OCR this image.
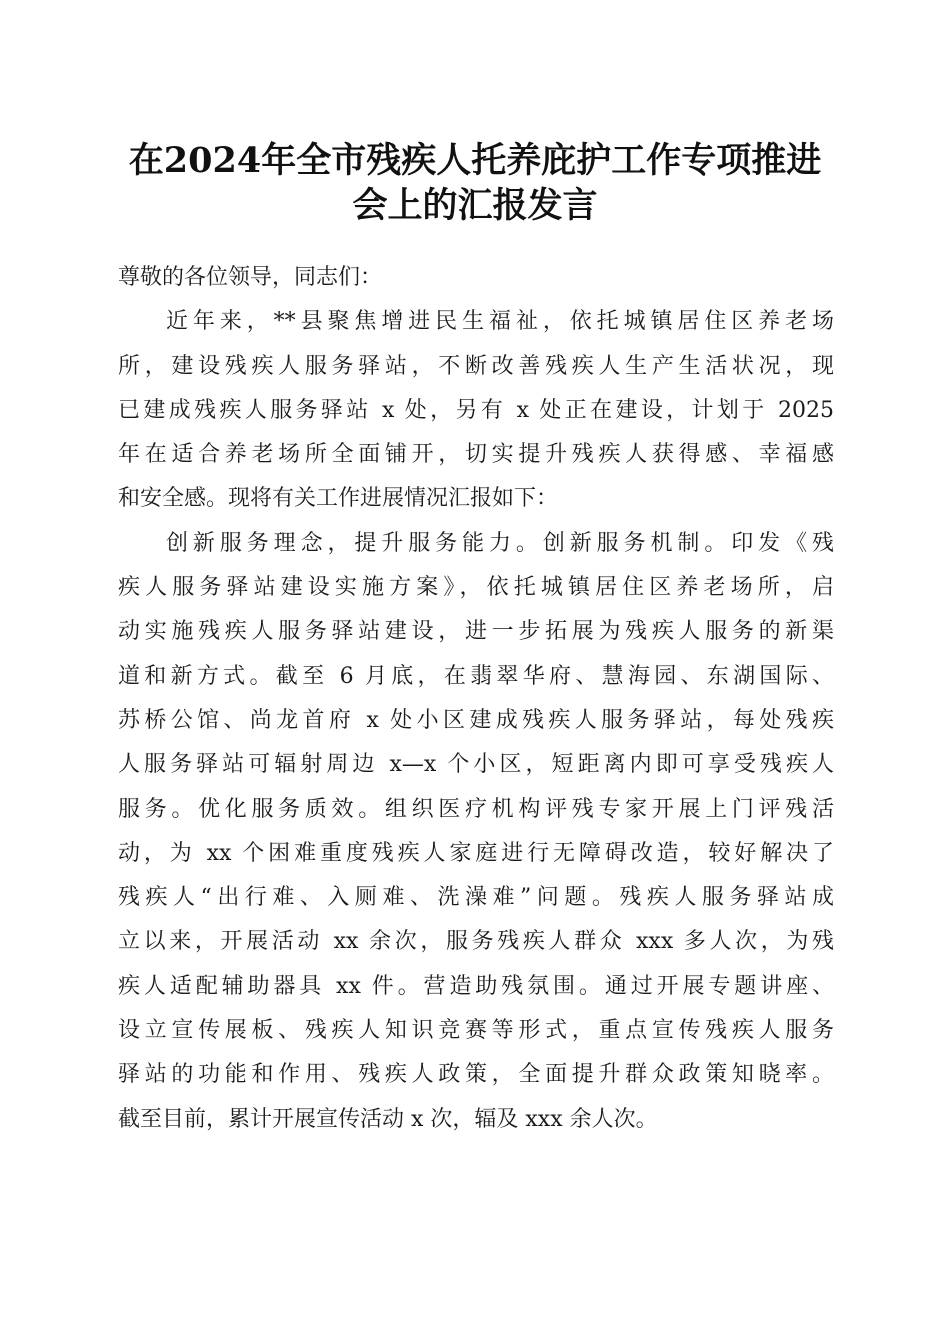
在2024年全市残疾人托养庇护工作专项推进
会上的汇报发言
尊敬的各位领导，同志们：
近年来，**县聚焦增进民生福祉，依托城镇居住区养老场
所，建设残疾人服务驿站，不断改善残疾人生产生活状况，现
已建成残疾人服务驿站 x 处，另有 x 处正在建设，计划于 2025
年在适合养老场所全面铺开，切实提升残疾人获得感、幸福感
和安全感。现将有关工作进展情况汇报如下：
创新服务理念，提升服务能力。创新服务机制。印发《残
疾人服务驿站建设实施方案》，依托城镇居住区养老场所，启
动实施残疾人服务驿站建设，进一步拓展为残疾人服务的新渠
道和新方式。截至 6 月底，在翡翠华府、慧海园、东湖国际、
苏桥公馆、尚龙首府 x 处小区建成残疾人服务驿站，每处残疾
人服务驿站可辐射周边 x—x 个小区，短距离内即可享受残疾人
服务。优化服务质效。组织医疗机构评残专家开展上门评残活
动，为 xx 个困难重度残疾人家庭进行无障碍改造，较好解决了
残疾人“出行难、入厕难、洗澡难”问题。残疾人服务驿站成
立以来，开展活动 xx 余次，服务残疾人群众 xxx 多人次，为残
疾人适配辅助器具 xx 件。营造助残氛围。通过开展专题讲座、
设立宣传展板、残疾人知识竞赛等形式，重点宣传残疾人服务
驿站的功能和作用、残疾人政策，全面提升群众政策知晓率。
截至目前，累计开展宣传活动 x 次，辐及 xxx 余人次。
